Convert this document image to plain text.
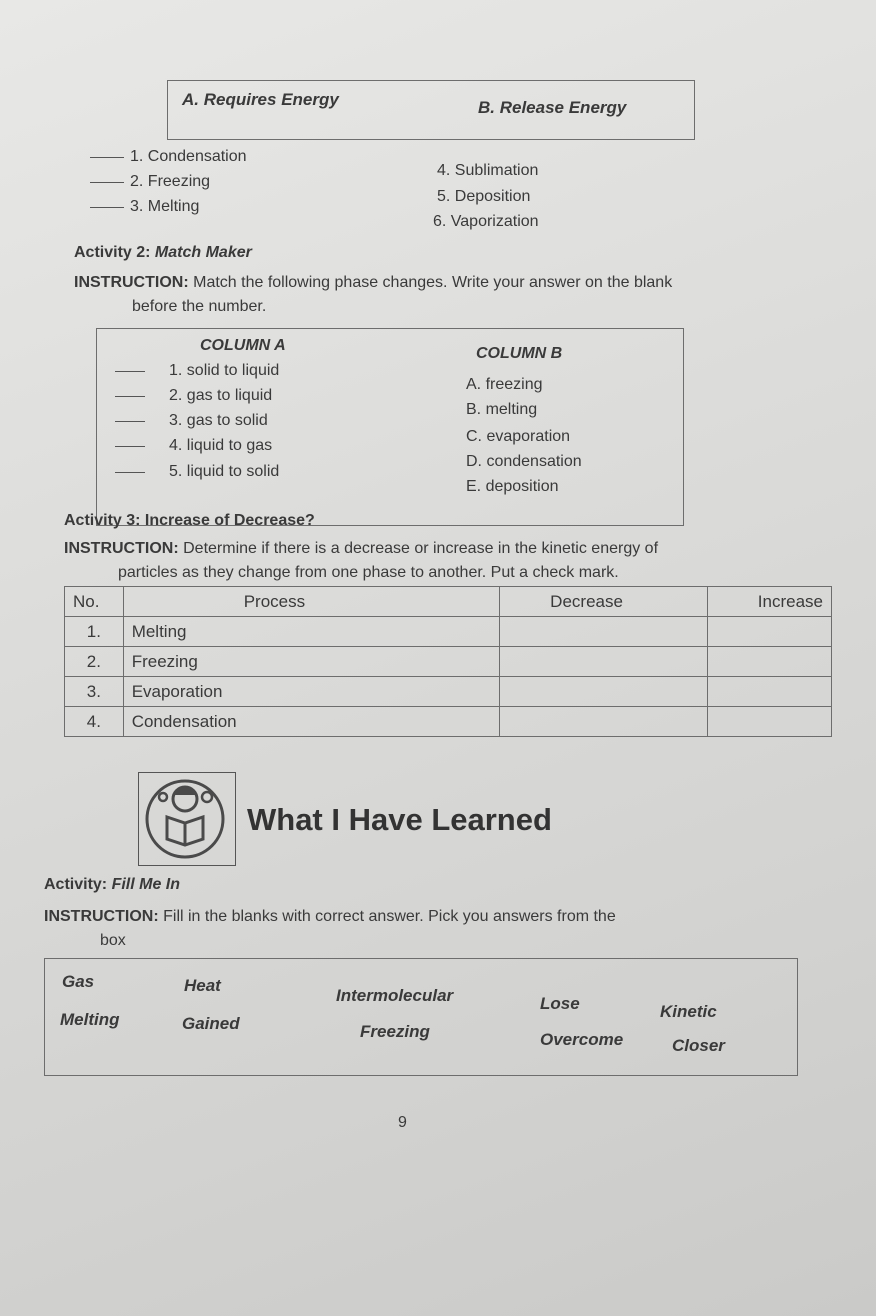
A. Requires Energy	B. Release Energy
1. Condensation
2. Freezing
3. Melting
4. Sublimation
5. Deposition
6. Vaporization
Activity 2: Match Maker
INSTRUCTION: Match the following phase changes. Write your answer on the blank
before the number.
COLUMN A	COLUMN B
1. solid to liquid
2. gas to liquid
3. gas to solid
4. liquid to gas
5. liquid to solid
A. freezing
B. melting
C. evaporation
D. condensation
E. deposition
Activity 3: Increase of Decrease?
INSTRUCTION: Determine if there is a decrease or increase in the kinetic energy of
particles as they change from one phase to another. Put a check mark.
No.	Process	Decrease	Increase
1.	Melting		
2.	Freezing		
3.	Evaporation		
4.	Condensation		
What I Have Learned
Activity: Fill Me In
INSTRUCTION: Fill in the blanks with correct answer. Pick you answers from the
box
Gas	Heat
Intermolecular	Lose	Kinetic
Melting	Gained	Freezing	Overcome	Closer
9
